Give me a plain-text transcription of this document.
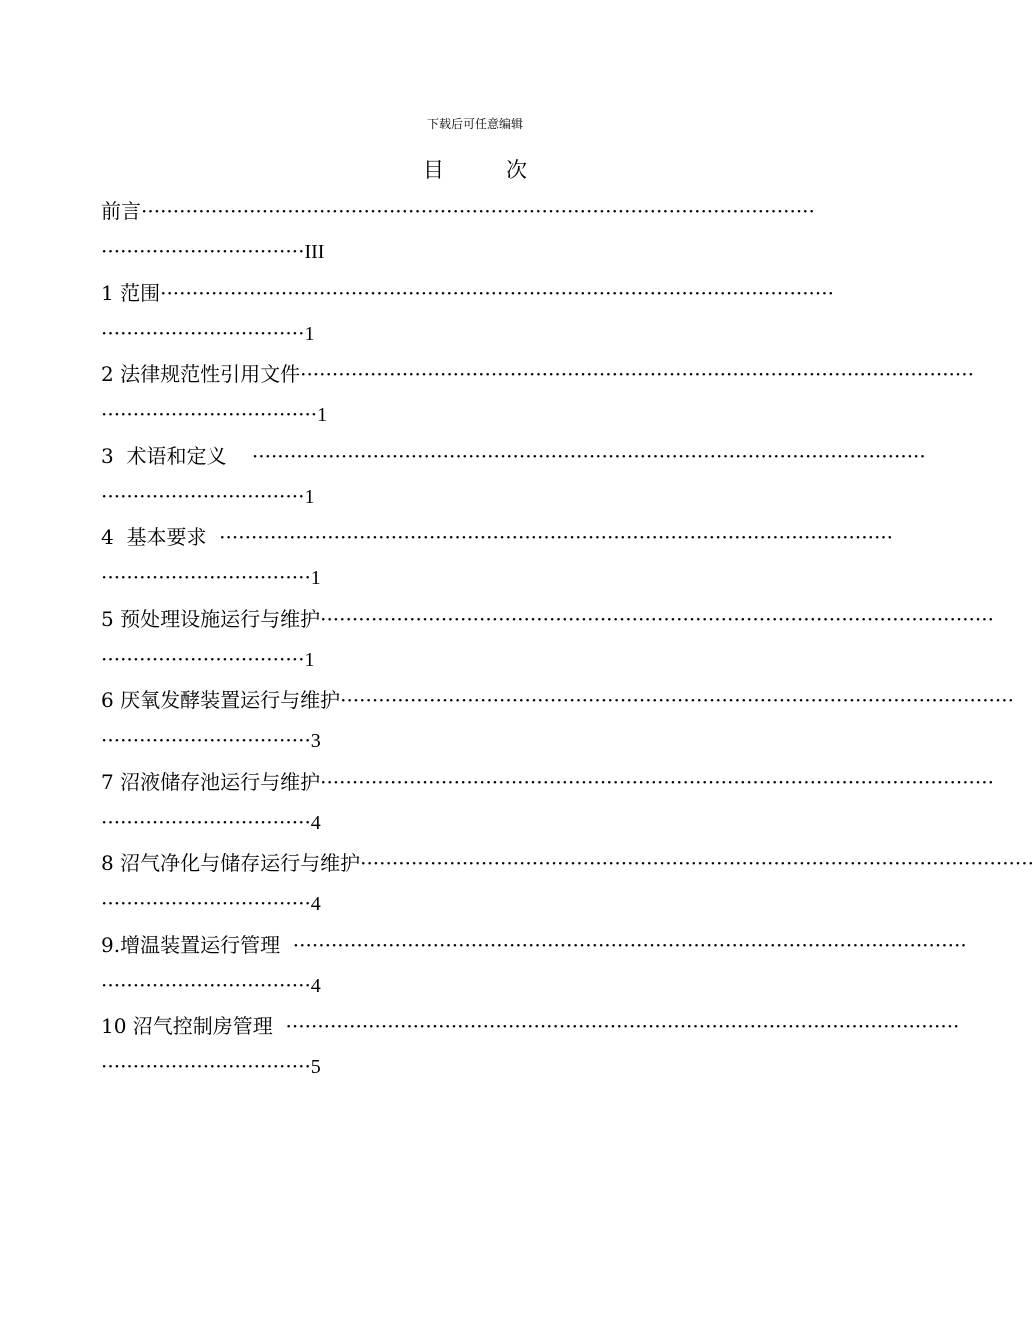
下载后可任意编辑
目	次
前言··········································································································
································III
1 范围··········································································································
································1
2 法律规范性引用文件··········································································································
··································1
3  术语和定义    ··········································································································
································1
4  基本要求  ··········································································································
·································1
5 预处理设施运行与维护··········································································································
································1
6 厌氧发酵装置运行与维护··········································································································
·································3
7 沼液储存池运行与维护··········································································································
·································4
8 沼气净化与储存运行与维护··········································································································
·································4
9.增温装置运行管理  ··········································································································
·································4
10 沼气控制房管理  ··········································································································
·································5
